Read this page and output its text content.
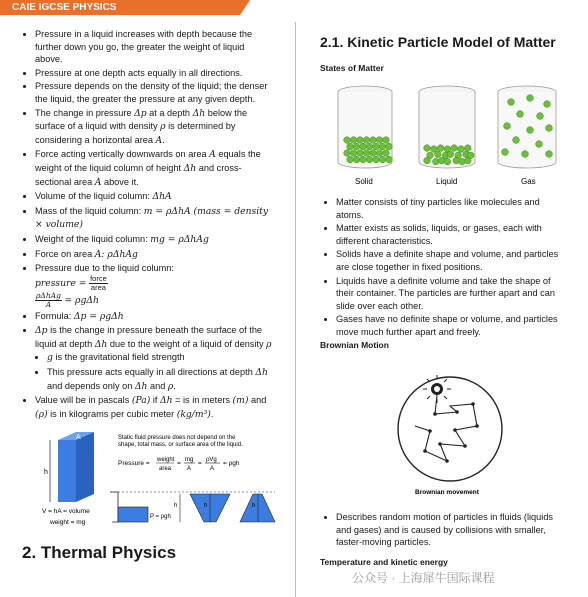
CAIE IGCSE PHYSICS
• Pressure in a liquid increases with depth because the further down you go, the greater the weight of liquid above.
• Pressure at one depth acts equally in all directions.
• Pressure depends on the density of the liquid; the denser the liquid, the greater the pressure at any given depth.
• The change in pressure Δp at a depth Δh below the surface of a liquid with density ρ is determined by considering a horizontal area A.
• Force acting vertically downwards on area A equals the weight of the liquid column of height Δh and cross-sectional area A above it.
• Volume of the liquid column: ΔhA
• Mass of the liquid column: m = ρΔhA (mass = density × volume)
• Weight of the liquid column: mg = ρΔhAg
• Force on area A: ρΔhAg
• Pressure due to the liquid column:
pressure = $\frac{\text{force}}{\text{area}}$

$\frac{\text{ρΔhAg}}{A} = \rho g\Delta h$
• Formula: Δp = ρgΔh
• Δp is the change in pressure beneath the surface of the liquid at depth Δh due to the weight of a liquid of density ρ
• g is the gravitational field strength
• This pressure acts equally in all directions at depth Δh and depends only on Δh and ρ.
• Value will be in pascals (Pa) if Δh = is in meters (m) and (ρ) is in kilograms per cubic meter (kg/m³).
A
h
V = hA = volume
weight = mg
Static fluid pressure does not depend on the
shape, total mass, or surface area of the liquid.
Pressure = weight
area
= mg
A
= ρVg
A
= ρgh
P = ρgh
h	h
h
2. Thermal Physics
2.1. Kinetic Particle Model of Matter
States of Matter
Solid	Liquid	Gas
• Matter consists of tiny particles like molecules and atoms.
• Matter exists as solids, liquids, or gases, each with different characteristics.
• Solids have a definite shape and volume, and particles are close together in fixed positions.
• Liquids have a definite volume and take the shape of their container. The particles are further apart and can slide over each other.
• Gases have no definite shape or volume, and particles move much further apart and freely.
Brownian Motion
Brownian movement
• Describes random motion of particles in fluids (liquids and gases) and is caused by collisions with smaller, faster-moving particles.
Temperature and kinetic energy
公众号 · 上海犀牛国际课程
